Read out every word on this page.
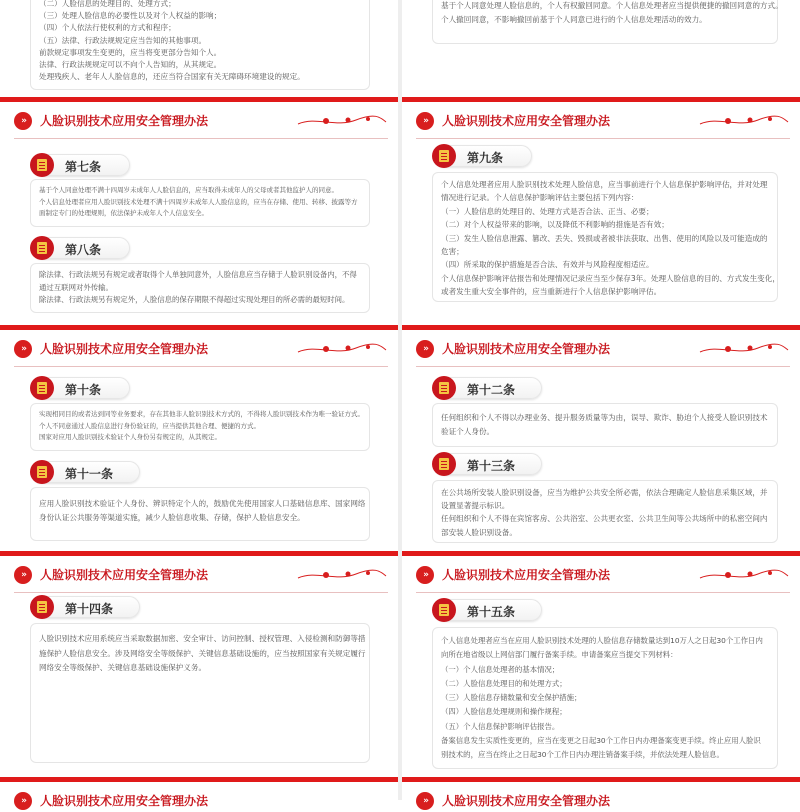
（二）人脸信息的处理目的、处理方式；

（三）处理人脸信息的必要性以及对个人权益的影响；

（四）个人依法行使权利的方式和程序；

（五）法律、行政法规规定应当告知的其他事项。

前款规定事项发生变更的，应当将变更部分告知个人。

法律、行政法规规定可以不向个人告知的，从其规定。

处理残疾人、老年人人脸信息的，还应当符合国家有关无障碍环境建设的规定。

基于个人同意处理人脸信息的，个人有权撤回同意。个人信息处理者应当提供便捷的撤回同意的方式。

个人撤回同意，不影响撤回前基于个人同意已进行的个人信息处理活动的效力。

»	人脸识别技术应用安全管理办法
第七条

基于个人同意处理不满十四周岁未成年人人脸信息的，应当取得未成年人的父母或者其他监护人的同意。

个人信息处理者应用人脸识别技术处理不满十四周岁未成年人人脸信息的，应当在存储、使用、转移、披露等方

面制定专门的处理规则，依法保护未成年人个人信息安全。

第八条

除法律、行政法规另有规定或者取得个人单独同意外，人脸信息应当存储于人脸识别设备内，不得

通过互联网对外传输。

除法律、行政法规另有规定外，人脸信息的保存期限不得超过实现处理目的所必需的最短时间。

»	人脸识别技术应用安全管理办法
第九条

个人信息处理者应用人脸识别技术处理人脸信息，应当事前进行个人信息保护影响评估，并对处理

情况进行记录。个人信息保护影响评估主要包括下列内容：

（一）人脸信息的处理目的、处理方式是否合法、正当、必要；

（二）对个人权益带来的影响，以及降低不利影响的措施是否有效；

（三）发生人脸信息泄露、篡改、丢失、毁损或者被非法获取、出售、使用的风险以及可能造成的

危害；

（四）所采取的保护措施是否合法、有效并与风险程度相适应。

个人信息保护影响评估报告和处理情况记录应当至少保存3年。处理人脸信息的目的、方式发生变化，

或者发生重大安全事件的，应当重新进行个人信息保护影响评估。

»	人脸识别技术应用安全管理办法
第十条

实现相同目的或者达到同等业务要求，存在其他非人脸识别技术方式的，不得将人脸识别技术作为唯一验证方式。

个人不同意通过人脸信息进行身份验证的，应当提供其他合理、便捷的方式。

国家对应用人脸识别技术验证个人身份另有规定的，从其规定。

第十一条

应用人脸识别技术验证个人身份、辨识特定个人的，鼓励优先使用国家人口基础信息库、国家网络

身份认证公共服务等渠道实施，减少人脸信息收集、存储，保护人脸信息安全。

»	人脸识别技术应用安全管理办法
第十二条

任何组织和个人不得以办理业务、提升服务质量等为由，误导、欺诈、胁迫个人接受人脸识别技术

验证个人身份。

第十三条

在公共场所安装人脸识别设备，应当为维护公共安全所必需，依法合理确定人脸信息采集区域，并

设置显著提示标识。

任何组织和个人不得在宾馆客房、公共浴室、公共更衣室、公共卫生间等公共场所中的私密空间内

部安装人脸识别设备。

»	人脸识别技术应用安全管理办法
第十四条

人脸识别技术应用系统应当采取数据加密、安全审计、访问控制、授权管理、入侵检测和防御等措

施保护人脸信息安全。涉及网络安全等级保护、关键信息基础设施的，应当按照国家有关规定履行

网络安全等级保护、关键信息基础设施保护义务。

»	人脸识别技术应用安全管理办法
第十五条

个人信息处理者应当在应用人脸识别技术处理的人脸信息存储数量达到10万人之日起30个工作日内

向所在地省级以上网信部门履行备案手续。申请备案应当提交下列材料：

（一）个人信息处理者的基本情况；

（二）人脸信息处理目的和处理方式；

（三）人脸信息存储数量和安全保护措施；

（四）人脸信息处理规则和操作规程；

（五）个人信息保护影响评估报告。

备案信息发生实质性变更的，应当在变更之日起30个工作日内办理备案变更手续。终止应用人脸识

别技术的，应当在终止之日起30个工作日内办理注销备案手续，并依法处理人脸信息。

»	人脸识别技术应用安全管理办法	»	人脸识别技术应用安全管理办法
